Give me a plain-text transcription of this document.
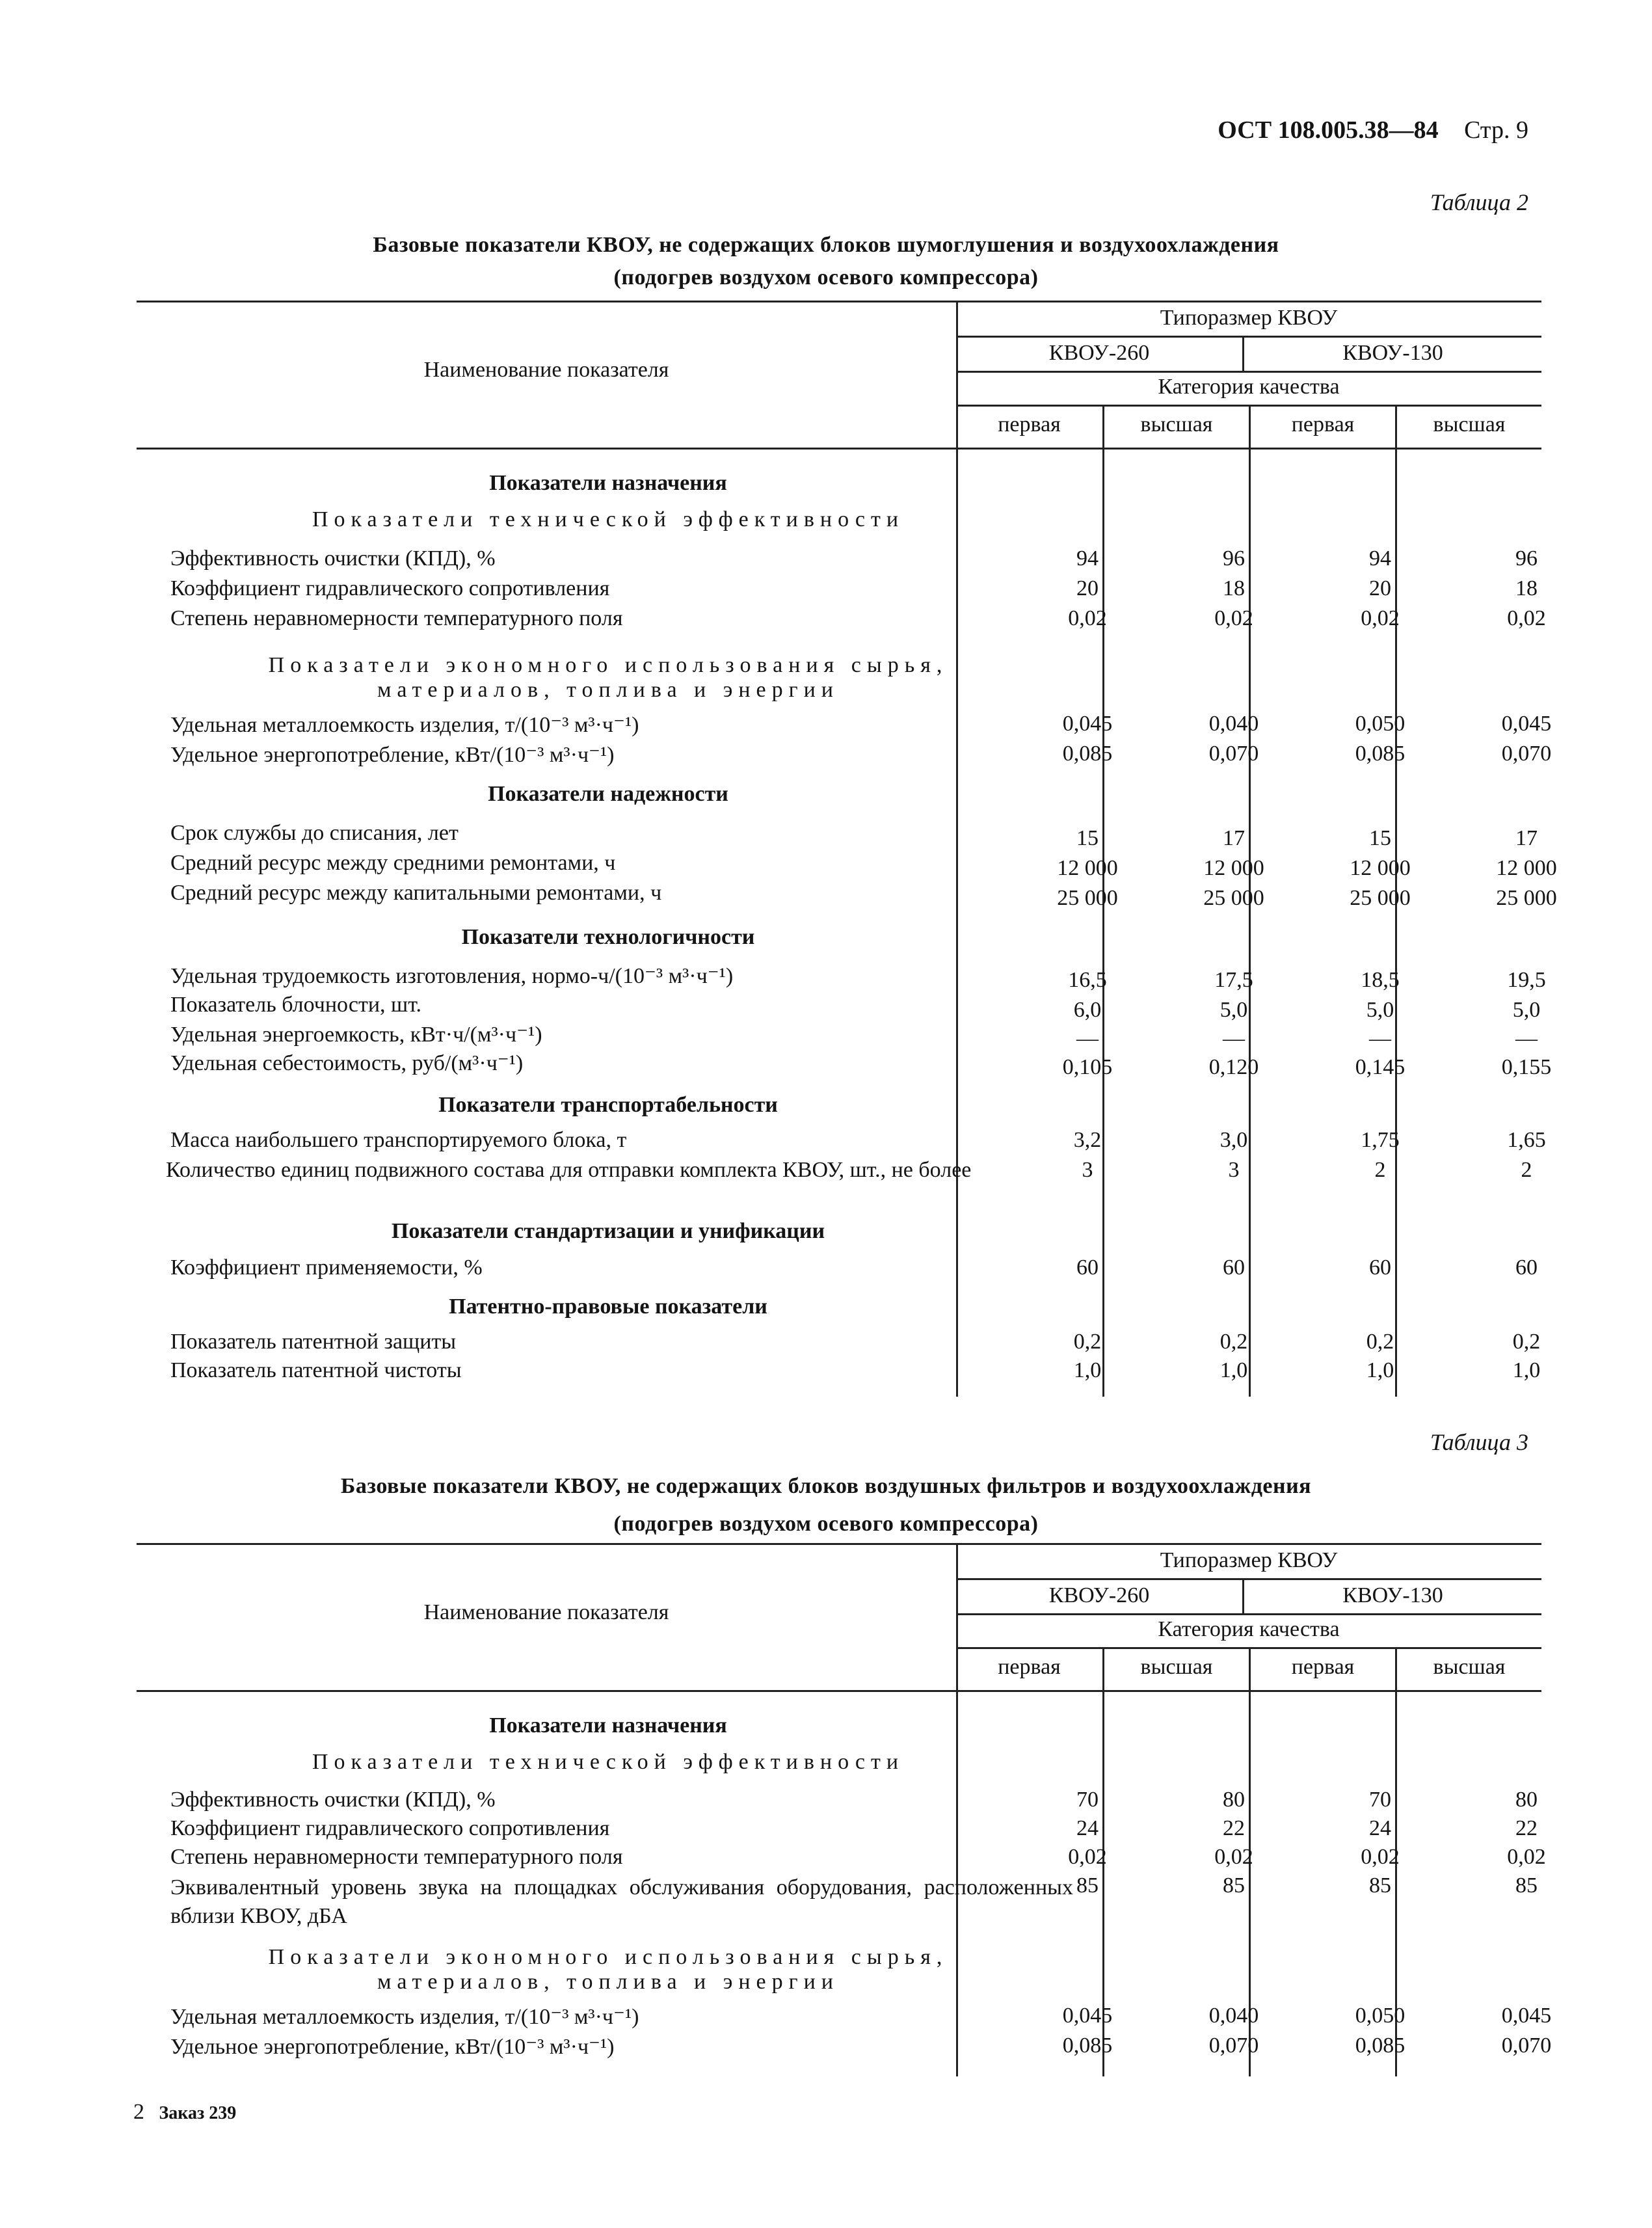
ОСТ 108.005.38—84 Стр. 9
Таблица 2
Базовые показатели КВОУ, не содержащих блоков шумоглушения и воздухоохлаждения
(подогрев воздухом осевого компрессора)
Наименование показателя
Типоразмер КВОУ
КВОУ-260	КВОУ-130
Категория качества
первая	высшая	первая	высшая
Показатели назначения
Показатели технической эффективности
Эффективность очистки (КПД), %	94	96	94	96
Коэффициент гидравлического сопротивления	20	18	20	18
Степень неравномерности температурного поля	0,02	0,02	0,02	0,02
Показатели экономного использования сырья,
материалов, топлива и энергии
Удельная металлоемкость изделия, т/(10⁻³ м³·ч⁻¹)	0,045	0,040	0,050	0,045
Удельное энергопотребление, кВт/(10⁻³ м³·ч⁻¹)	0,085	0,070	0,085	0,070
Показатели надежности
Срок службы до списания, лет	15	17	15	17
Средний ресурс между средними ремонтами, ч	12 000	12 000	12 000	12 000
Средний ресурс между капитальными ремонтами, ч	25 000	25 000	25 000	25 000
Показатели технологичности
Удельная трудоемкость изготовления, нормо-ч/(10⁻³ м³·ч⁻¹)	16,5	17,5	18,5	19,5
Показатель блочности, шт.	6,0	5,0	5,0	5,0
Удельная энергоемкость, кВт·ч/(м³·ч⁻¹)	—	—	—	—
Удельная себестоимость, руб/(м³·ч⁻¹)	0,105	0,120	0,145	0,155
Показатели транспортабельности
Масса наибольшего транспортируемого блока, т	3,2	3,0	1,75	1,65
Количество единиц подвижного состава для отправки комплекта КВОУ, шт., не более	3	3	2	2
Показатели стандартизации и унификации
Коэффициент применяемости, %	60	60	60	60
Патентно-правовые показатели
Показатель патентной защиты	0,2	0,2	0,2	0,2
Показатель патентной чистоты	1,0	1,0	1,0	1,0
Таблица 3
Базовые показатели КВОУ, не содержащих блоков воздушных фильтров и воздухоохлаждения
(подогрев воздухом осевого компрессора)
Наименование показателя
Типоразмер КВОУ
КВОУ-260	КВОУ-130
Категория качества
первая	высшая	первая	высшая
Показатели назначения
Показатели технической эффективности
Эффективность очистки (КПД), %	70	80	70	80
Коэффициент гидравлического сопротивления	24	22	24	22
Степень неравномерности температурного поля	0,02	0,02	0,02	0,02
Эквивалентный уровень звука на площадках обслуживания оборудования, расположенных вблизи КВОУ, дБА
85	85	85	85
Показатели экономного использования сырья,
материалов, топлива и энергии
Удельная металлоемкость изделия, т/(10⁻³ м³·ч⁻¹)	0,045	0,040	0,050	0,045
Удельное энергопотребление, кВт/(10⁻³ м³·ч⁻¹)	0,085	0,070	0,085	0,070
2 Заказ 239
